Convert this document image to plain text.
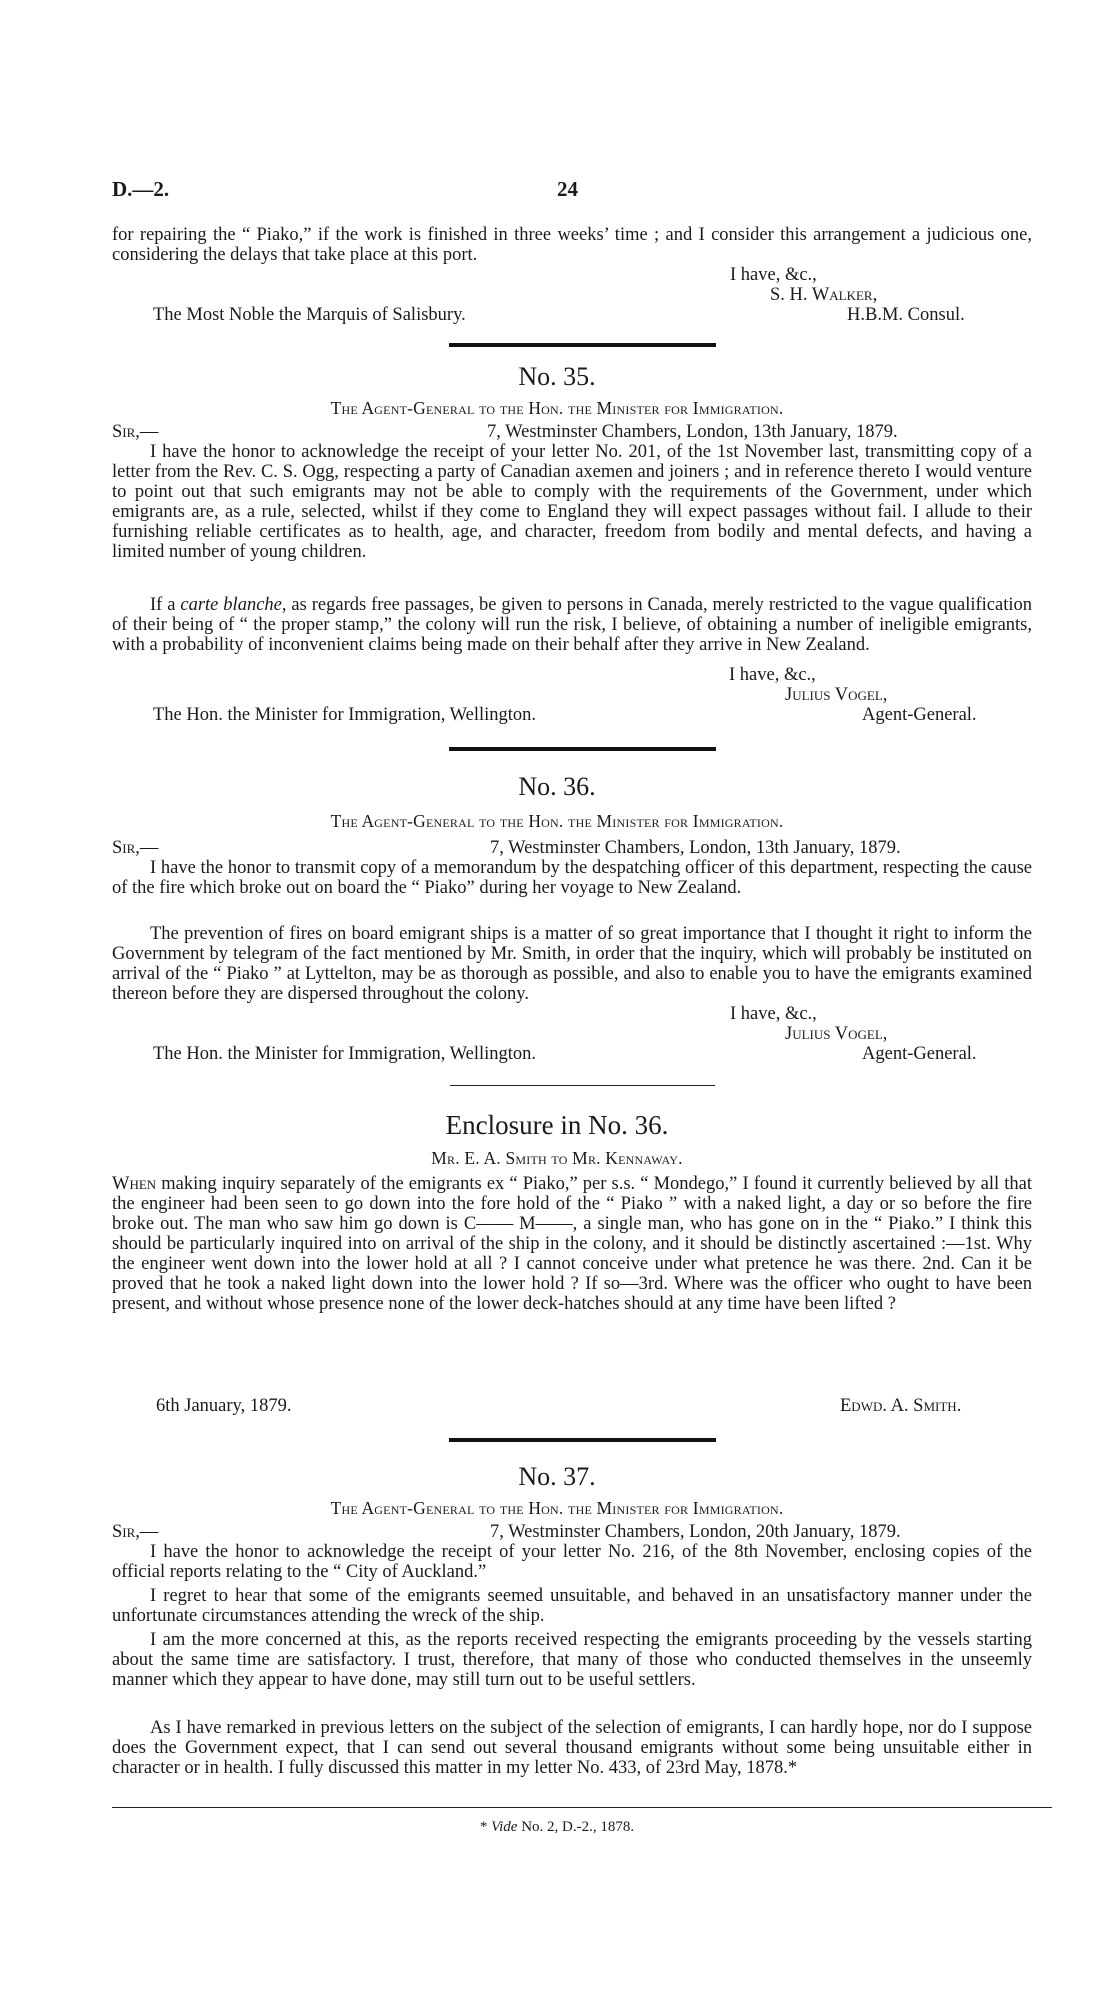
D.—2.	24

for repairing the “ Piako,” if the work is finished in three weeks’ time ; and I consider this arrangement a judicious one, considering the delays that take place at this port.

I have, &c.,
S. H. Walker,
The Most Noble the Marquis of Salisbury.	H.B.M. Consul.
No. 35.
The Agent-General to the Hon. the Minister for Immigration.
Sir,—	7, Westminster Chambers, London, 13th January, 1879.

I have the honor to acknowledge the receipt of your letter No. 201, of the 1st November last, transmitting copy of a letter from the Rev. C. S. Ogg, respecting a party of Canadian axemen and joiners ; and in reference thereto I would venture to point out that such emigrants may not be able to comply with the requirements of the Government, under which emigrants are, as a rule, selected, whilst if they come to England they will expect passages without fail. I allude to their furnishing reliable certificates as to health, age, and character, freedom from bodily and mental defects, and having a limited number of young children.

If a carte blanche, as regards free passages, be given to persons in Canada, merely restricted to the vague qualification of their being of “ the proper stamp,” the colony will run the risk, I believe, of obtaining a number of ineligible emigrants, with a probability of inconvenient claims being made on their behalf after they arrive in New Zealand.

I have, &c.,
Julius Vogel,
The Hon. the Minister for Immigration, Wellington.	Agent-General.
No. 36.
The Agent-General to the Hon. the Minister for Immigration.
Sir,—	7, Westminster Chambers, London, 13th January, 1879.

I have the honor to transmit copy of a memorandum by the despatching officer of this department, respecting the cause of the fire which broke out on board the “ Piako” during her voyage to New Zealand.

The prevention of fires on board emigrant ships is a matter of so great importance that I thought it right to inform the Government by telegram of the fact mentioned by Mr. Smith, in order that the inquiry, which will probably be instituted on arrival of the “ Piako ” at Lyttelton, may be as thorough as possible, and also to enable you to have the emigrants examined thereon before they are dispersed throughout the colony.

I have, &c.,
Julius Vogel,
The Hon. the Minister for Immigration, Wellington.	Agent-General.
Enclosure in No. 36.
Mr. E. A. Smith to Mr. Kennaway.

When making inquiry separately of the emigrants ex “ Piako,” per s.s. “ Mondego,” I found it currently believed by all that the engineer had been seen to go down into the fore hold of the “ Piako ” with a naked light, a day or so before the fire broke out. The man who saw him go down is C—— M——, a single man, who has gone on in the “ Piako.” I think this should be particularly inquired into on arrival of the ship in the colony, and it should be distinctly ascertained :—1st. Why the engineer went down into the lower hold at all ? I cannot conceive under what pretence he was there. 2nd. Can it be proved that he took a naked light down into the lower hold ? If so—3rd. Where was the officer who ought to have been present, and without whose presence none of the lower deck-hatches should at any time have been lifted ?

6th January, 1879.	Edwd. A. Smith.
No. 37.
The Agent-General to the Hon. the Minister for Immigration.
Sir,—	7, Westminster Chambers, London, 20th January, 1879.

I have the honor to acknowledge the receipt of your letter No. 216, of the 8th November, enclosing copies of the official reports relating to the “ City of Auckland.”

I regret to hear that some of the emigrants seemed unsuitable, and behaved in an unsatisfactory manner under the unfortunate circumstances attending the wreck of the ship.

I am the more concerned at this, as the reports received respecting the emigrants proceeding by the vessels starting about the same time are satisfactory. I trust, therefore, that many of those who conducted themselves in the unseemly manner which they appear to have done, may still turn out to be useful settlers.

As I have remarked in previous letters on the subject of the selection of emigrants, I can hardly hope, nor do I suppose does the Government expect, that I can send out several thousand emigrants without some being unsuitable either in character or in health. I fully discussed this matter in my letter No. 433, of 23rd May, 1878.*

* Vide No. 2, D.-2., 1878.
